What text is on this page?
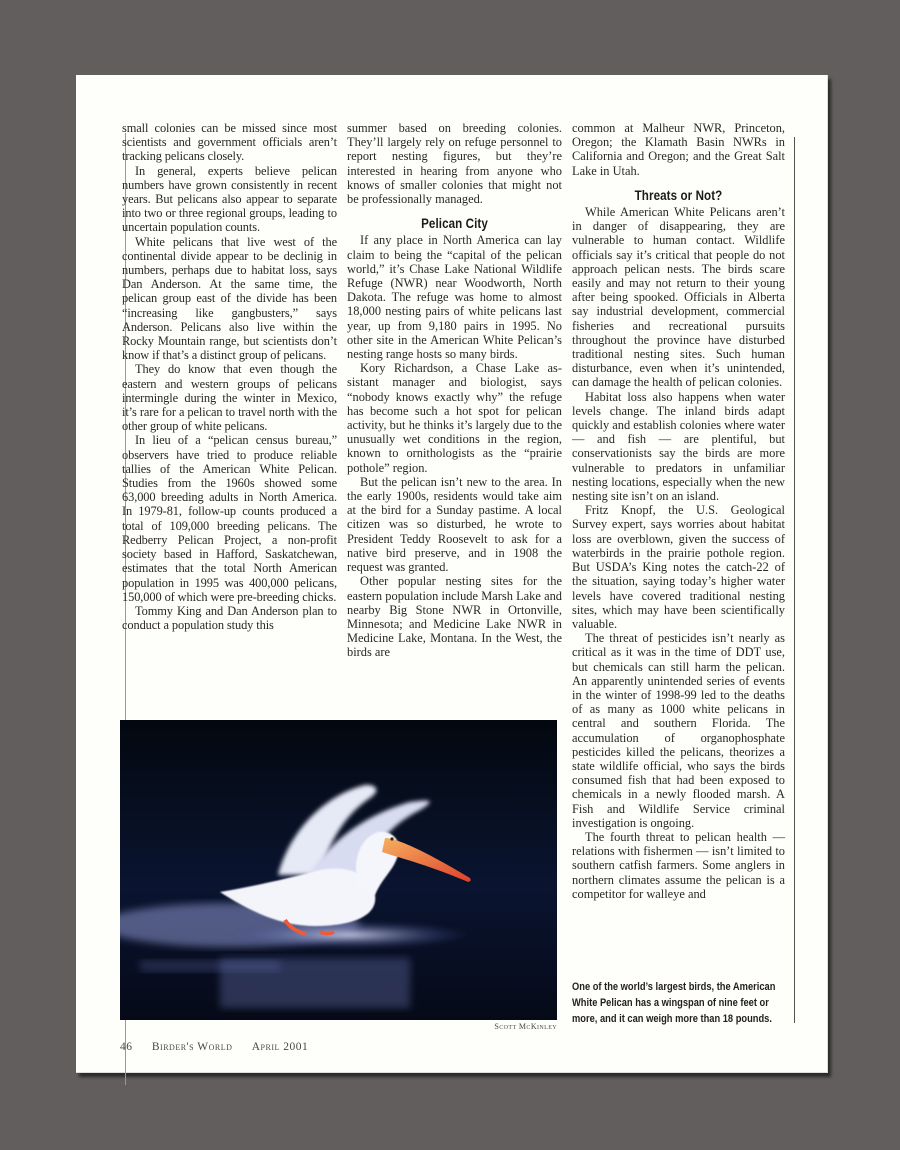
small colonies can be missed since most scientists and government officials aren’t tracking pelicans closely.

In general, experts believe pelican numbers have grown consistently in recent years. But pelicans also appear to separate into two or three regional groups, leading to uncertain population counts.

White pelicans that live west of the continental divide appear to be declinig in numbers, perhaps due to habitat loss, says Dan Anderson. At the same time, the pelican group east of the divide has been “increasing like gangbusters,” says Anderson. Pelicans also live within the Rocky Mountain range, but scientists don’t know if that’s a distinct group of pelicans.

They do know that even though the eastern and western groups of pelicans intermingle during the winter in Mexico, it’s rare for a pelican to travel north with the other group of white pelicans.

In lieu of a “pelican census bureau,” observers have tried to produce reliable tallies of the American White Pelican. Studies from the 1960s showed some 63,000 breeding adults in North America. In 1979-81, follow-up counts produced a total of 109,000 breeding pelicans. The Redberry Pelican Project, a non-profit society based in Hafford, Saskatchewan, estimates that the total North American population in 1995 was 400,000 pelicans, 150,000 of which were pre-breeding chicks.

Tommy King and Dan Anderson plan to conduct a population study this

summer based on breeding colonies. They’ll largely rely on refuge personnel to report nesting figures, but they’re interested in hearing from anyone who knows of smaller colonies that might not be professionally managed.

Pelican City

If any place in North America can lay claim to being the “capital of the pelican world,” it’s Chase Lake National Wildlife Refuge (NWR) near Woodworth, North Dakota. The refuge was home to almost 18,000 nesting pairs of white pelicans last year, up from 9,180 pairs in 1995. No other site in the American White Pelican’s nesting range hosts so many birds.

Kory Richardson, a Chase Lake assistant manager and biologist, says “nobody knows exactly why” the refuge has become such a hot spot for pelican activity, but he thinks it’s largely due to the unusually wet conditions in the region, known to ornithologists as the “prairie pothole” region.

But the pelican isn’t new to the area. In the early 1900s, residents would take aim at the bird for a Sunday pastime. A local citizen was so disturbed, he wrote to President Teddy Roosevelt to ask for a native bird preserve, and in 1908 the request was granted.

Other popular nesting sites for the eastern population include Marsh Lake and nearby Big Stone NWR in Ortonville, Minnesota; and Medicine Lake NWR in Medicine Lake, Montana. In the West, the birds are

common at Malheur NWR, Princeton, Oregon; the Klamath Basin NWRs in California and Oregon; and the Great Salt Lake in Utah.

Threats or Not?

While American White Pelicans aren’t in danger of disappearing, they are vulnerable to human contact. Wildlife officials say it’s critical that people do not approach pelican nests. The birds scare easily and may not return to their young after being spooked. Officials in Alberta say industrial development, commercial fisheries and recreational pursuits throughout the province have disturbed traditional nesting sites. Such human disturbance, even when it’s unintended, can damage the health of pelican colonies.

Habitat loss also happens when water levels change. The inland birds adapt quickly and establish colonies where water — and fish — are plentiful, but conservationists say the birds are more vulnerable to predators in unfamiliar nesting locations, especially when the new nesting site isn’t on an island.

Fritz Knopf, the U.S. Geological Survey expert, says worries about habitat loss are overblown, given the success of waterbirds in the prairie pothole region. But USDA’s King notes the catch-22 of the situation, saying today’s higher water levels have covered traditional nesting sites, which may have been scientifically valuable.

The threat of pesticides isn’t nearly as critical as it was in the time of DDT use, but chemicals can still harm the pelican. An apparently unintended series of events in the winter of 1998-99 led to the deaths of as many as 1000 white pelicans in central and southern Florida. The accumulation of organophosphate pesticides killed the pelicans, theorizes a state wildlife official, who says the birds consumed fish that had been exposed to chemicals in a newly flooded marsh. A Fish and Wildlife Service criminal investigation is ongoing.

The fourth threat to pelican health — relations with fishermen — isn’t limited to southern catfish farmers. Some anglers in northern climates assume the pelican is a competitor for walleye and

Scott McKinley
One of the world’s largest birds, the American White Pelican has a wingspan of nine feet or more, and it can weigh more than 18 pounds.
46 Birder's World April 2001
